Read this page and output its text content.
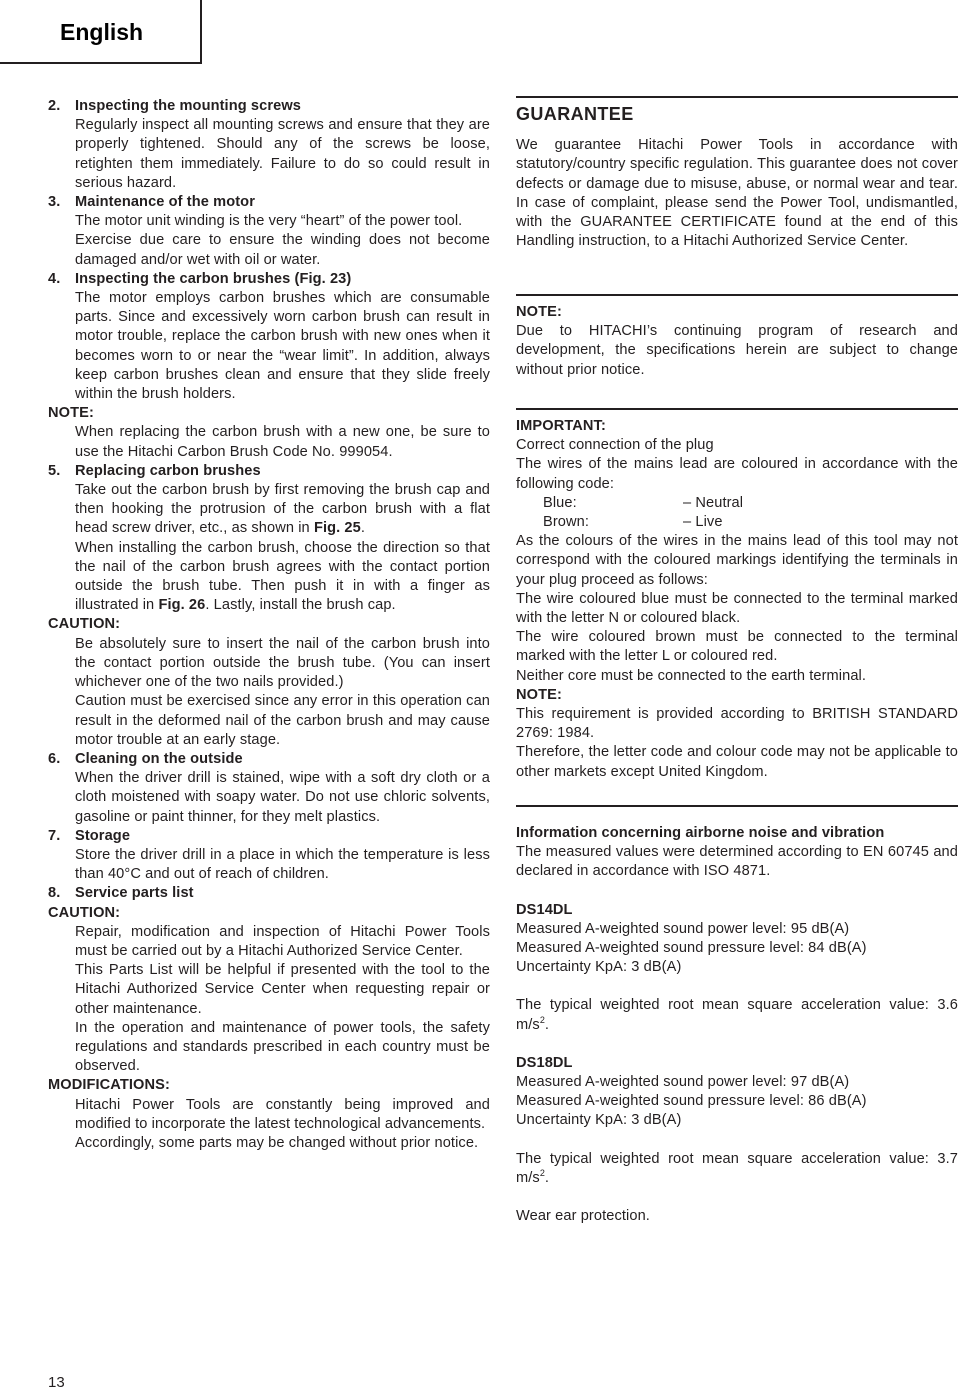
English
2.	Inspecting the mounting screws
Regularly inspect all mounting screws and ensure that they are properly tightened. Should any of the screws be loose, retighten them immediately. Failure to do so could result in serious hazard.
3.	Maintenance of the motor
The motor unit winding is the very “heart” of the power tool.
Exercise due care to ensure the winding does not become damaged and/or wet with oil or water.
4.	Inspecting the carbon brushes (Fig. 23)
The motor employs carbon brushes which are consumable parts. Since and excessively worn carbon brush can result in motor trouble, replace the carbon brush with new ones when it becomes worn to or near the “wear limit”. In addition, always keep carbon brushes clean and ensure that they slide freely within the brush holders.
NOTE:
When replacing the carbon brush with a new one, be sure to use the Hitachi Carbon Brush Code No. 999054.
5.	Replacing carbon brushes
Take out the carbon brush by first removing the brush cap and then hooking the protrusion of the carbon brush with a flat head screw driver, etc., as shown in Fig. 25.
When installing the carbon brush, choose the direction so that the nail of the carbon brush agrees with the contact portion outside the brush tube. Then push it in with a finger as illustrated in Fig. 26. Lastly, install the brush cap.
CAUTION:
Be absolutely sure to insert the nail of the carbon brush into the contact portion outside the brush tube. (You can insert whichever one of the two nails provided.)
Caution must be exercised since any error in this operation can result in the deformed nail of the carbon brush and may cause motor trouble at an early stage.
6.	Cleaning on the outside
When the driver drill is stained, wipe with a soft dry cloth or a cloth moistened with soapy water. Do not use chloric solvents, gasoline or paint thinner, for they melt plastics.
7.	Storage
Store the driver drill in a place in which the temperature is less than 40°C and out of reach of children.
8.	Service parts list
CAUTION:
Repair, modification and inspection of Hitachi Power Tools must be carried out by a Hitachi Authorized Service Center.
This Parts List will be helpful if presented with the tool to the Hitachi Authorized Service Center when requesting repair or other maintenance.
In the operation and maintenance of power tools, the safety regulations and standards prescribed in each country must be observed.
MODIFICATIONS:
Hitachi Power Tools are constantly being improved and modified to incorporate the latest technological advancements.
Accordingly, some parts may be changed without prior notice.
GUARANTEE
We guarantee Hitachi Power Tools in accordance with statutory/country specific regulation. This guarantee does not cover defects or damage due to misuse, abuse, or normal wear and tear. In case of complaint, please send the Power Tool, undismantled, with the GUARANTEE CERTIFICATE found at the end of this Handling instruction, to a Hitachi Authorized Service Center.
NOTE:
Due to HITACHI’s continuing program of research and development, the specifications herein are subject to change without prior notice.
IMPORTANT:
Correct connection of the plug
The wires of the mains lead are coloured in accordance with the following code:
Blue:	– Neutral
Brown:	– Live
As the colours of the wires in the mains lead of this tool may not correspond with the coloured markings identifying the terminals in your plug proceed as follows:
The wire coloured blue must be connected to the terminal marked with the letter N or coloured black.
The wire coloured brown must be connected to the terminal marked with the letter L or coloured red.
Neither core must be connected to the earth terminal.
NOTE:
This requirement is provided according to BRITISH STANDARD 2769: 1984.
Therefore, the letter code and colour code may not be applicable to other markets except United Kingdom.
Information concerning airborne noise and vibration
The measured values were determined according to EN 60745 and declared in accordance with ISO 4871.
DS14DL
Measured A-weighted sound power level: 95 dB(A)
Measured A-weighted sound pressure level: 84 dB(A)
Uncertainty KpA: 3 dB(A)
The typical weighted root mean square acceleration value: 3.6 $m/s^2$.
DS18DL
Measured A-weighted sound power level: 97 dB(A)
Measured A-weighted sound pressure level: 86 dB(A)
Uncertainty KpA: 3 dB(A)
The typical weighted root mean square acceleration value: 3.7 $m/s^2$.
Wear ear protection.
13
